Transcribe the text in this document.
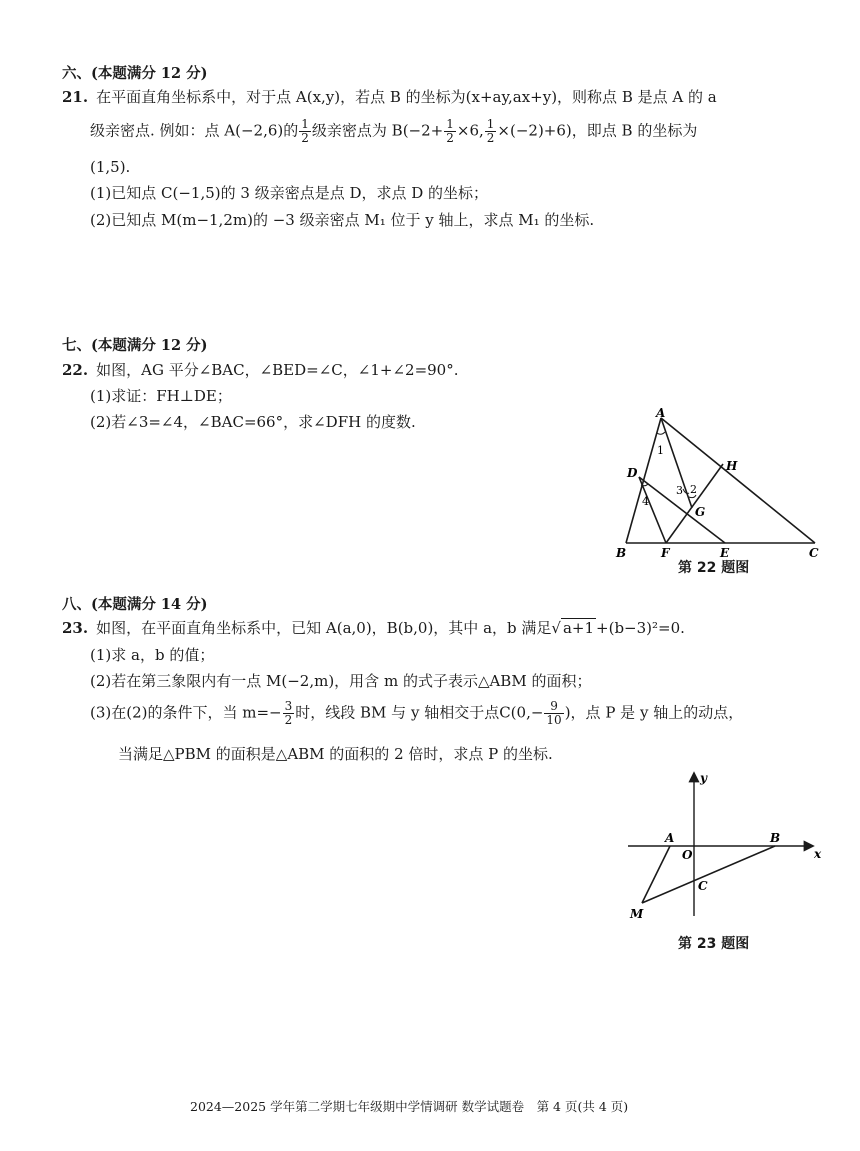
六、(本题满分 12 分)
21. 在平面直角坐标系中，对于点 A(x,y)，若点 B 的坐标为(x+ay,ax+y)，则称点 B 是点 A 的 a
级亲密点. 例如：点 A(−2,6)的 $\frac{1}{2}$ 级亲密点为 $B(-2+ \frac{1}{2} \times 6$, $\frac{1}{2} \times(-2)+6$)，即点 B 的坐标为
(1,5).
(1)已知点 C(−1,5)的 3 级亲密点是点 D，求点 D 的坐标；
(2)已知点 M(m−1,2m)的 −3 级亲密点 M₁ 位于 y 轴上，求点 M₁ 的坐标.
七、(本题满分 12 分)
22. 如图，AG 平分∠BAC，∠BED=∠C，∠1+∠2=90°.
(1)求证：FH⊥DE；
(2)若∠3=∠4，∠BAC=66°，求∠DFH 的度数.	A
B	C
D
E
F
G
H
1
2
3
4
第 22 题图
八、(本题满分 14 分)
23. 如图，在平面直角坐标系中，已知 A(a,0)，B(b,0)，其中 a，b 满足√ a+1 +(b−3)²=0.
(1)求 a，b 的值；
(2)若在第三象限内有一点 M(−2,m)，用含 m 的式子表示△ABM 的面积；
(3)在(2)的条件下，当 $m=- \frac{3}{2}$ 时，线段 BM 与 y 轴相交于点$C(0,- \frac{9}{10}$ )，点 P 是 y 轴上的动点，
当满足△PBM 的面积是△ABM 的面积的 2 倍时，求点 P 的坐标.
y
x
A	B
O
C
M
第 23 题图
2024—2025 学年第二学期七年级期中学情调研 数学试题卷　第 4 页(共 4 页)
